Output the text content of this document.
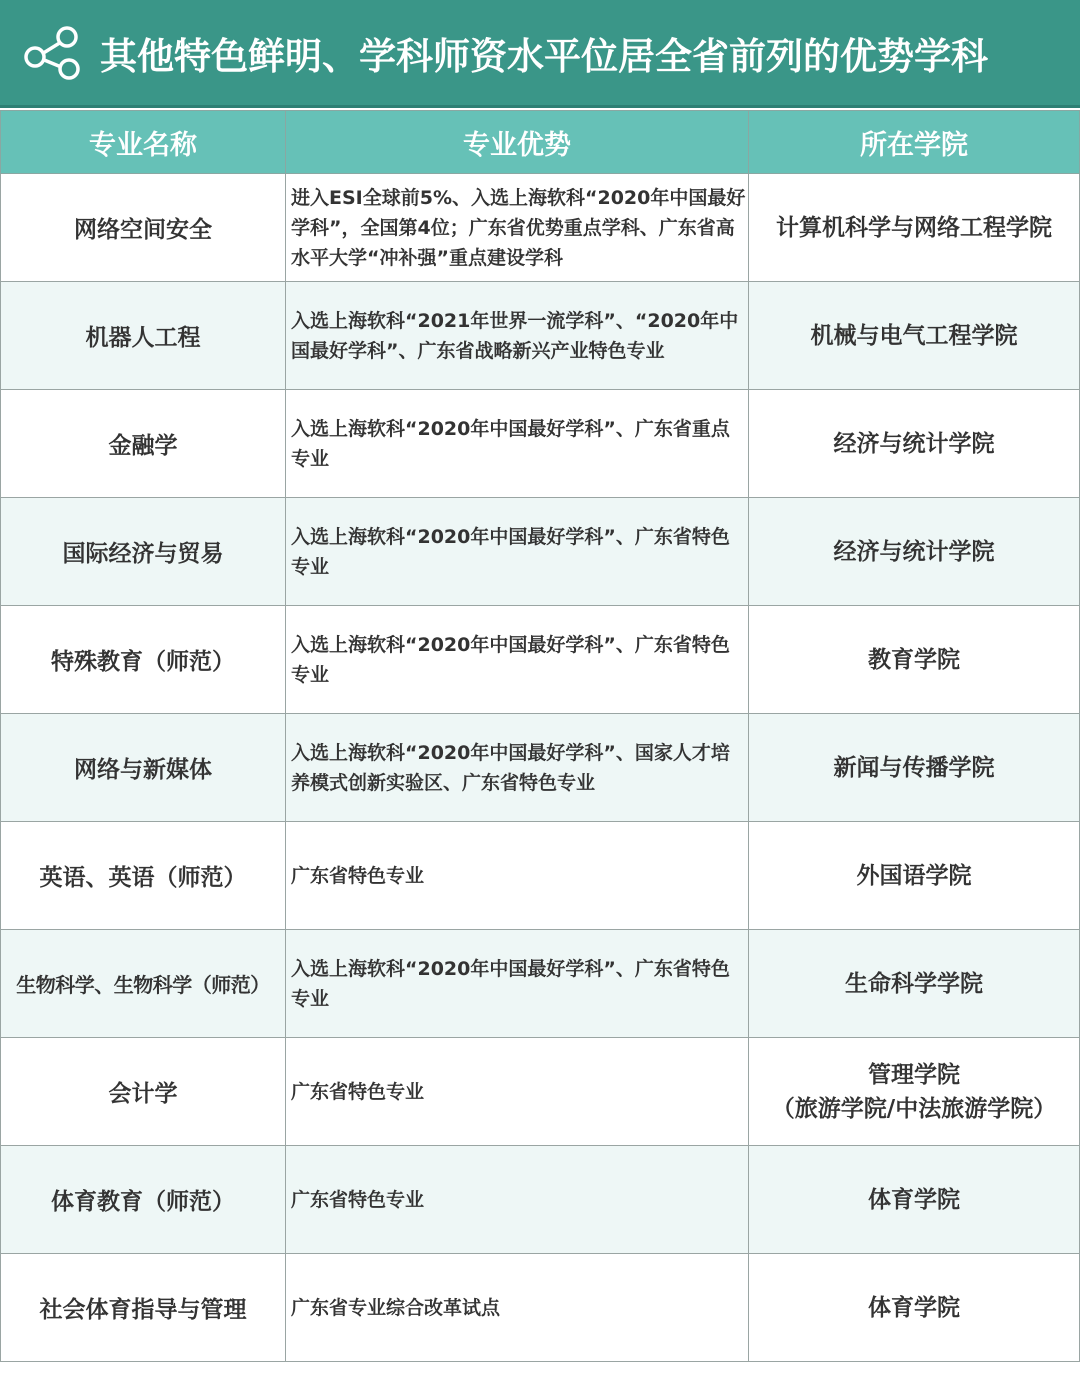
其他特色鲜明、学科师资水平位居全省前列的优势学科
专业名称	专业优势	所在学院
网络空间安全	进入ESI全球前5%、入选上海软科“2020年中国最好学科”，全国第4位；广东省优势重点学科、广东省高水平大学“冲补强”重点建设学科	计算机科学与网络工程学院
机器人工程	入选上海软科“2021年世界一流学科”、“2020年中国最好学科”、广东省战略新兴产业特色专业	机械与电气工程学院
金融学	入选上海软科“2020年中国最好学科”、广东省重点专业	经济与统计学院
国际经济与贸易	入选上海软科“2020年中国最好学科”、广东省特色专业	经济与统计学院
特殊教育（师范）	入选上海软科“2020年中国最好学科”、广东省特色专业	教育学院
网络与新媒体	入选上海软科“2020年中国最好学科”、国家人才培养模式创新实验区、广东省特色专业	新闻与传播学院
英语、英语（师范）	广东省特色专业	外国语学院
生物科学、生物科学（师范）	入选上海软科“2020年中国最好学科”、广东省特色专业	生命科学学院
会计学	广东省特色专业	管理学院
（旅游学院/中法旅游学院）

体育教育（师范）	广东省特色专业	体育学院
社会体育指导与管理	广东省专业综合改革试点	体育学院
